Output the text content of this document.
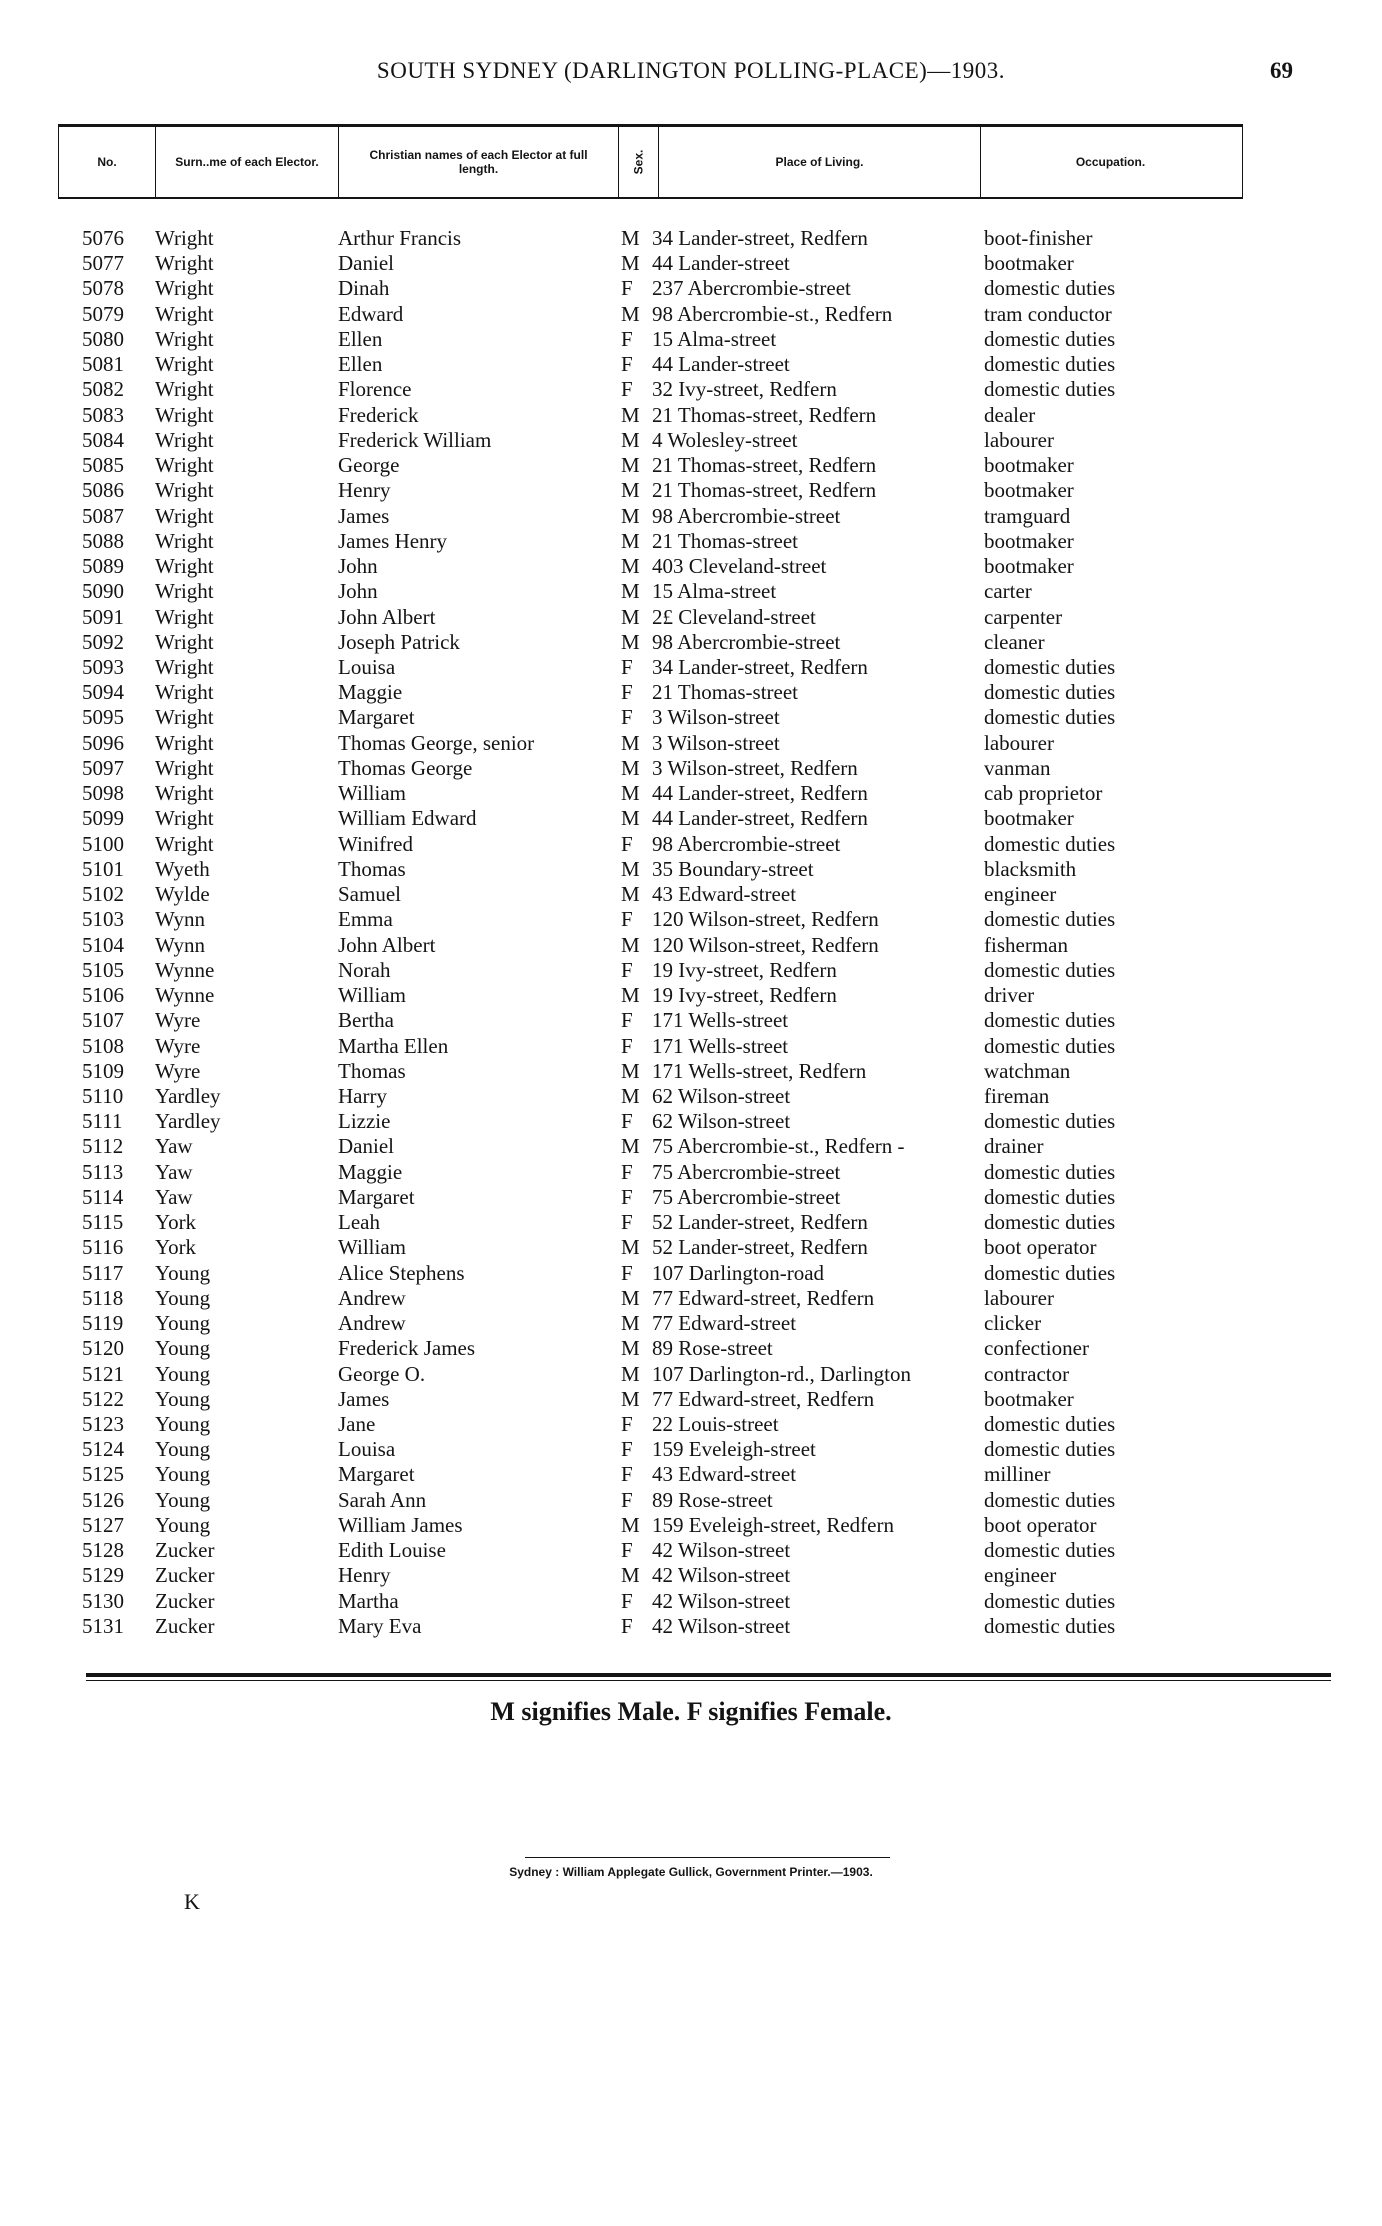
SOUTH SYDNEY (DARLINGTON POLLING-PLACE)—1903.	69
No.	Surn..me of each Elector.	Christian names of each Elector at full length.	Sex.	Place of Living.	Occupation.
5076 Wright	Arthur Francis	M 34 Lander-street, Redfern	boot-finisher
5077 Wright	Daniel	M 44 Lander-street	bootmaker
5078 Wright	Dinah	F 237 Abercrombie-street	domestic duties
5079 Wright	Edward	M 98 Abercrombie-st., Redfern	tram conductor
5080 Wright	Ellen	F 15 Alma-street	domestic duties
5081 Wright	Ellen	F 44 Lander-street	domestic duties
5082 Wright	Florence	F 32 Ivy-street, Redfern	domestic duties
5083 Wright	Frederick	M 21 Thomas-street, Redfern	dealer
5084 Wright	Frederick William	M 4 Wolesley-street	labourer
5085 Wright	George	M 21 Thomas-street, Redfern	bootmaker
5086 Wright	Henry	M 21 Thomas-street, Redfern	bootmaker
5087 Wright	James	M 98 Abercrombie-street	tramguard
5088 Wright	James Henry	M 21 Thomas-street	bootmaker
5089 Wright	John	M 403 Cleveland-street	bootmaker
5090 Wright	John	M 15 Alma-street	carter
5091 Wright	John Albert	M 2£ Cleveland-street	carpenter
5092 Wright	Joseph Patrick	M 98 Abercrombie-street	cleaner
5093 Wright	Louisa	F 34 Lander-street, Redfern	domestic duties
5094 Wright	Maggie	F 21 Thomas-street	domestic duties
5095 Wright	Margaret	F 3 Wilson-street	domestic duties
5096 Wright	Thomas George, senior	M 3 Wilson-street	labourer
5097 Wright	Thomas George	M 3 Wilson-street, Redfern	vanman
5098 Wright	William	M 44 Lander-street, Redfern	cab proprietor
5099 Wright	William Edward	M 44 Lander-street, Redfern	bootmaker
5100 Wright	Winifred	F 98 Abercrombie-street	domestic duties
5101 Wyeth	Thomas	M 35 Boundary-street	blacksmith
5102 Wylde	Samuel	M 43 Edward-street	engineer
5103 Wynn	Emma	F 120 Wilson-street, Redfern	domestic duties
5104 Wynn	John Albert	M 120 Wilson-street, Redfern	fisherman
5105 Wynne	Norah	F 19 Ivy-street, Redfern	domestic duties
5106 Wynne	William	M 19 Ivy-street, Redfern	driver
5107 Wyre	Bertha	F 171 Wells-street	domestic duties
5108 Wyre	Martha Ellen	F 171 Wells-street	domestic duties
5109 Wyre	Thomas	M 171 Wells-street, Redfern	watchman
5110 Yardley	Harry	M 62 Wilson-street	fireman
5111 Yardley	Lizzie	F 62 Wilson-street	domestic duties
5112 Yaw	Daniel	M 75 Abercrombie-st., Redfern -	drainer
5113 Yaw	Maggie	F 75 Abercrombie-street	domestic duties
5114 Yaw	Margaret	F 75 Abercrombie-street	domestic duties
5115 York	Leah	F 52 Lander-street, Redfern	domestic duties
5116 York	William	M 52 Lander-street, Redfern	boot operator
5117 Young	Alice Stephens	F 107 Darlington-road	domestic duties
5118 Young	Andrew	M 77 Edward-street, Redfern	labourer
5119 Young	Andrew	M 77 Edward-street	clicker
5120 Young	Frederick James	M 89 Rose-street	confectioner
5121 Young	George O.	M 107 Darlington-rd., Darlington	contractor
5122 Young	James	M 77 Edward-street, Redfern	bootmaker
5123 Young	Jane	F 22 Louis-street	domestic duties
5124 Young	Louisa	F 159 Eveleigh-street	domestic duties
5125 Young	Margaret	F 43 Edward-street	milliner
5126 Young	Sarah Ann	F 89 Rose-street	domestic duties
5127 Young	William James	M 159 Eveleigh-street, Redfern	boot operator
5128 Zucker	Edith Louise	F 42 Wilson-street	domestic duties
5129 Zucker	Henry	M 42 Wilson-street	engineer
5130 Zucker	Martha	F 42 Wilson-street	domestic duties
5131 Zucker	Mary Eva	F 42 Wilson-street	domestic duties
M signifies Male. F signifies Female.
Sydney : William Applegate Gullick, Government Printer.—1903.
K
